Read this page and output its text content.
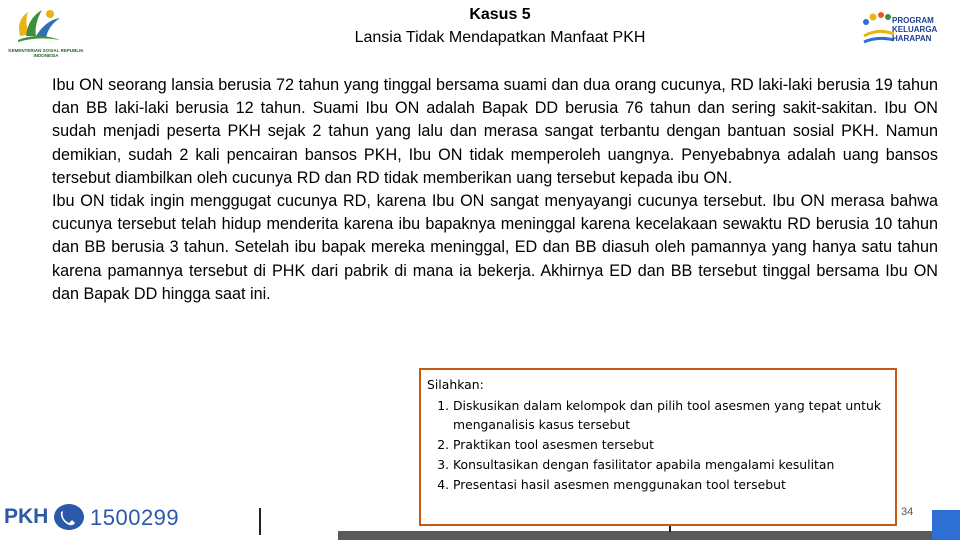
KEMENTERIAN SOSIAL REPUBLIK INDONESIA
PROGRAM
KELUARGA
HARAPAN
Kasus 5
Lansia Tidak Mendapatkan Manfaat PKH

Ibu ON seorang lansia berusia 72 tahun yang tinggal bersama suami dan dua orang cucunya, RD laki-laki berusia 19 tahun dan BB laki-laki berusia 12 tahun. Suami Ibu ON adalah Bapak DD berusia 76 tahun dan sering sakit-sakitan. Ibu ON sudah menjadi peserta PKH sejak 2 tahun yang lalu dan merasa sangat terbantu dengan bantuan sosial PKH. Namun demikian, sudah 2 kali pencairan bansos PKH, Ibu ON tidak memperoleh uangnya. Penyebabnya adalah uang bansos tersebut diambilkan oleh cucunya RD dan RD tidak memberikan uang tersebut kepada ibu ON.

Ibu ON tidak ingin menggugat cucunya RD, karena Ibu ON sangat menyayangi cucunya tersebut. Ibu ON merasa bahwa cucunya tersebut telah hidup menderita karena ibu bapaknya meninggal karena kecelakaan sewaktu RD berusia 10 tahun dan BB berusia 3 tahun. Setelah ibu bapak mereka meninggal, ED dan BB diasuh oleh pamannya yang hanya satu tahun karena pamannya tersebut di PHK dari pabrik di mana ia bekerja. Akhirnya ED dan BB tersebut tinggal bersama Ibu ON dan Bapak DD hingga saat ini.

Silahkan:
1. Diskusikan dalam kelompok dan pilih tool asesmen yang tepat untuk menganalisis kasus tersebut
2. Praktikan tool asesmen tersebut
3. Konsultasikan dengan fasilitator apabila mengalami kesulitan
4. Presentasi hasil asesmen menggunakan tool tersebut
PKH 1500299	34
